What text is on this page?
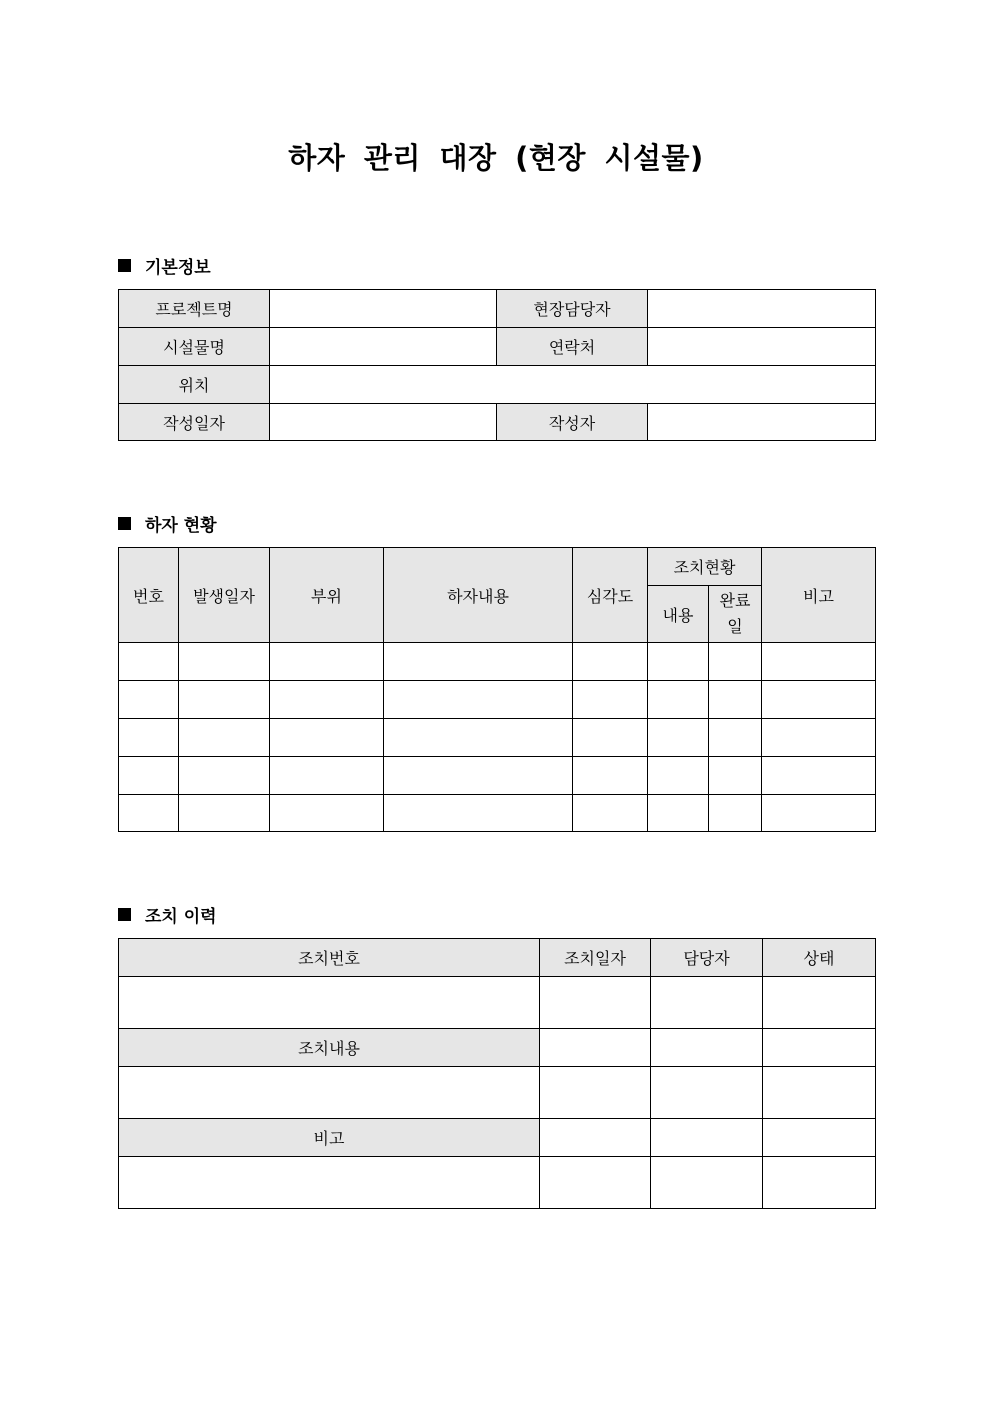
하자 관리 대장 (현장 시설물)
기본정보
프로젝트명		현장담당자	
시설물명		연락처	
위치			
작성일자		작성자	
하자 현황
번호	발생일자	부위	하자내용	심각도	조치현황		비고
					내용	완료
일	

조치 이력
조치번호	조치일자	담당자	상태

조치내용			

비고			
